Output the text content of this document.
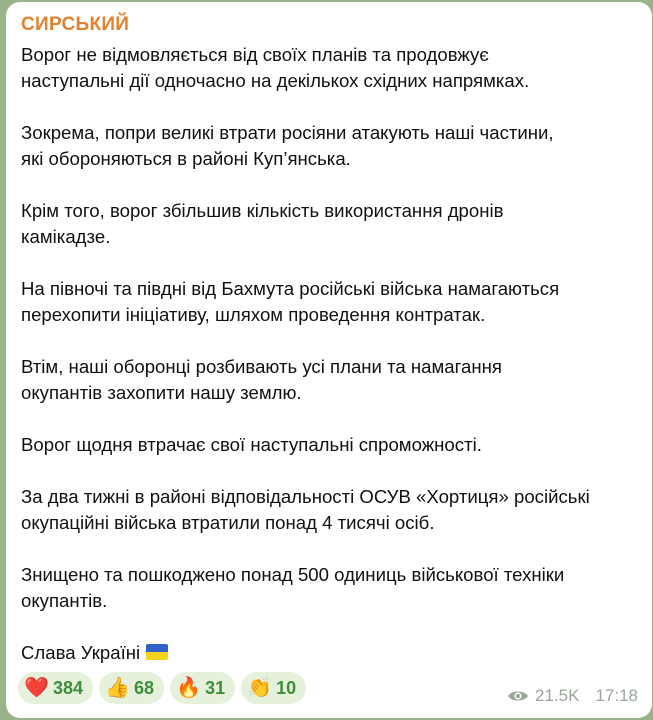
СИРСЬКИЙ
Ворог не відмовляється від своїх планів та продовжує
наступальні дії одночасно на декількох східних напрямках.
Зокрема, попри великі втрати росіяни атакують наші частини,
які обороняються в районі Куп’янська.
Крім того, ворог збільшив кількість використання дронів
камікадзе.
На півночі та півдні від Бахмута російські війська намагаються
перехопити ініціативу, шляхом проведення контратак.
Втім, наші оборонці розбивають усі плани та намагання
окупантів захопити нашу землю.
Ворог щодня втрачає свої наступальні спроможності.
За два тижні в районі відповідальності ОСУВ «Хортиця» російські
окупаційні війська втратили понад 4 тисячі осіб.
Знищено та пошкоджено понад 500 одиниць військової техніки
окупантів.
Слава Україні
❤️ 384 👍 68 🔥 31 👏 10	21.5K 17:18
